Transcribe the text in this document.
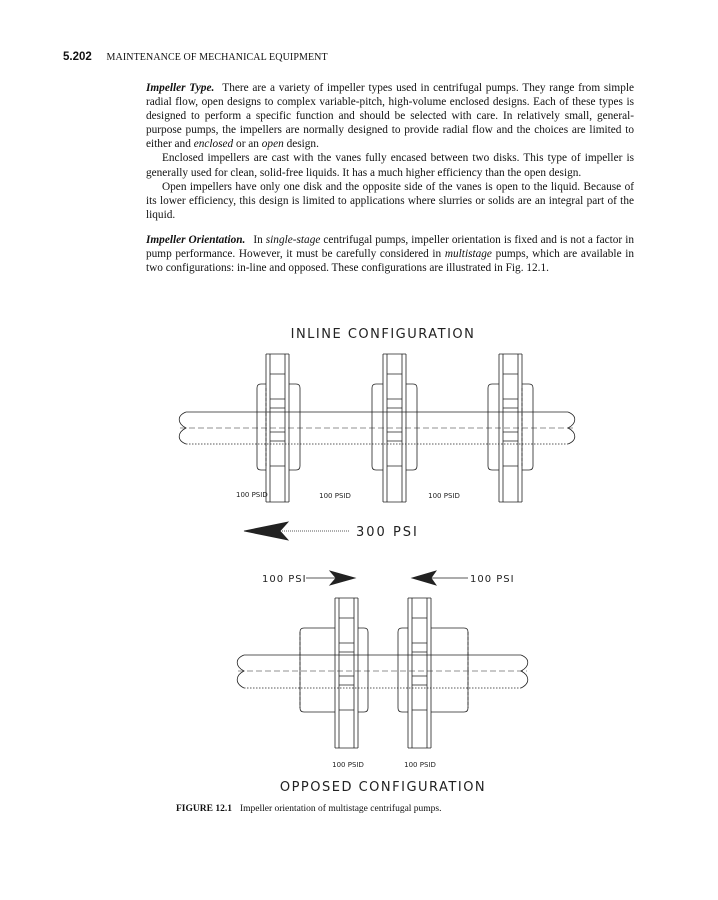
5.202 MAINTENANCE OF MECHANICAL EQUIPMENT

Impeller Type. There are a variety of impeller types used in centrifugal pumps. They range from simple radial flow, open designs to complex variable-pitch, high-volume enclosed designs. Each of these types is designed to perform a specific function and should be selected with care. In relatively small, general-purpose pumps, the impellers are normally designed to provide radial flow and the choices are limited to either and enclosed or an open design.

Enclosed impellers are cast with the vanes fully encased between two disks. This type of impeller is generally used for clean, solid-free liquids. It has a much higher efficiency than the open design.

Open impellers have only one disk and the opposite side of the vanes is open to the liquid. Because of its lower efficiency, this design is limited to applications where slurries or solids are an integral part of the liquid.

Impeller Orientation. In single-stage centrifugal pumps, impeller orientation is fixed and is not a factor in pump performance. However, it must be carefully considered in multistage pumps, which are available in two configurations: in-line and opposed. These configurations are illustrated in Fig. 12.1.

INLINE CONFIGURATION
100 PSID	100 PSID	100 PSID
300 PSI
100 PSI	100 PSI
100 PSID	100 PSID
OPPOSED CONFIGURATION
FIGURE 12.1 Impeller orientation of multistage centrifugal pumps.
